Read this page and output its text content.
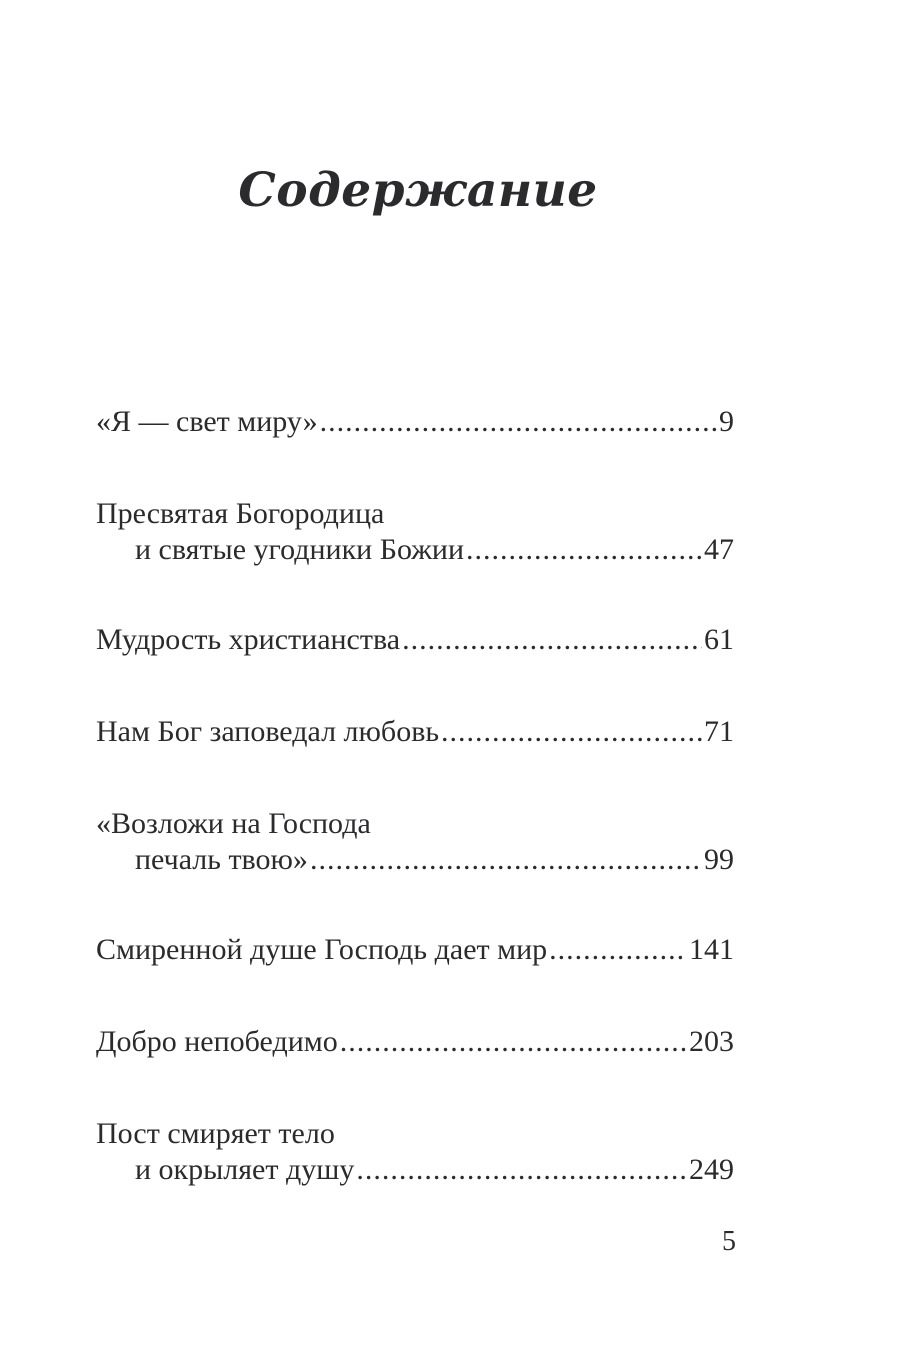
Содержание
«Я — свет миру» .....	9
Пресвятая Богородица
и святые угодники Божии .....	47
Мудрость христианства .....	61
Нам Бог заповедал любовь .....	71
«Возложи на Господа
печаль твою» .....	99
Смиренной душе Господь дает мир .....	141
Добро непобедимо .....	203
Пост смиряет тело
и окрыляет душу .....	249
5
